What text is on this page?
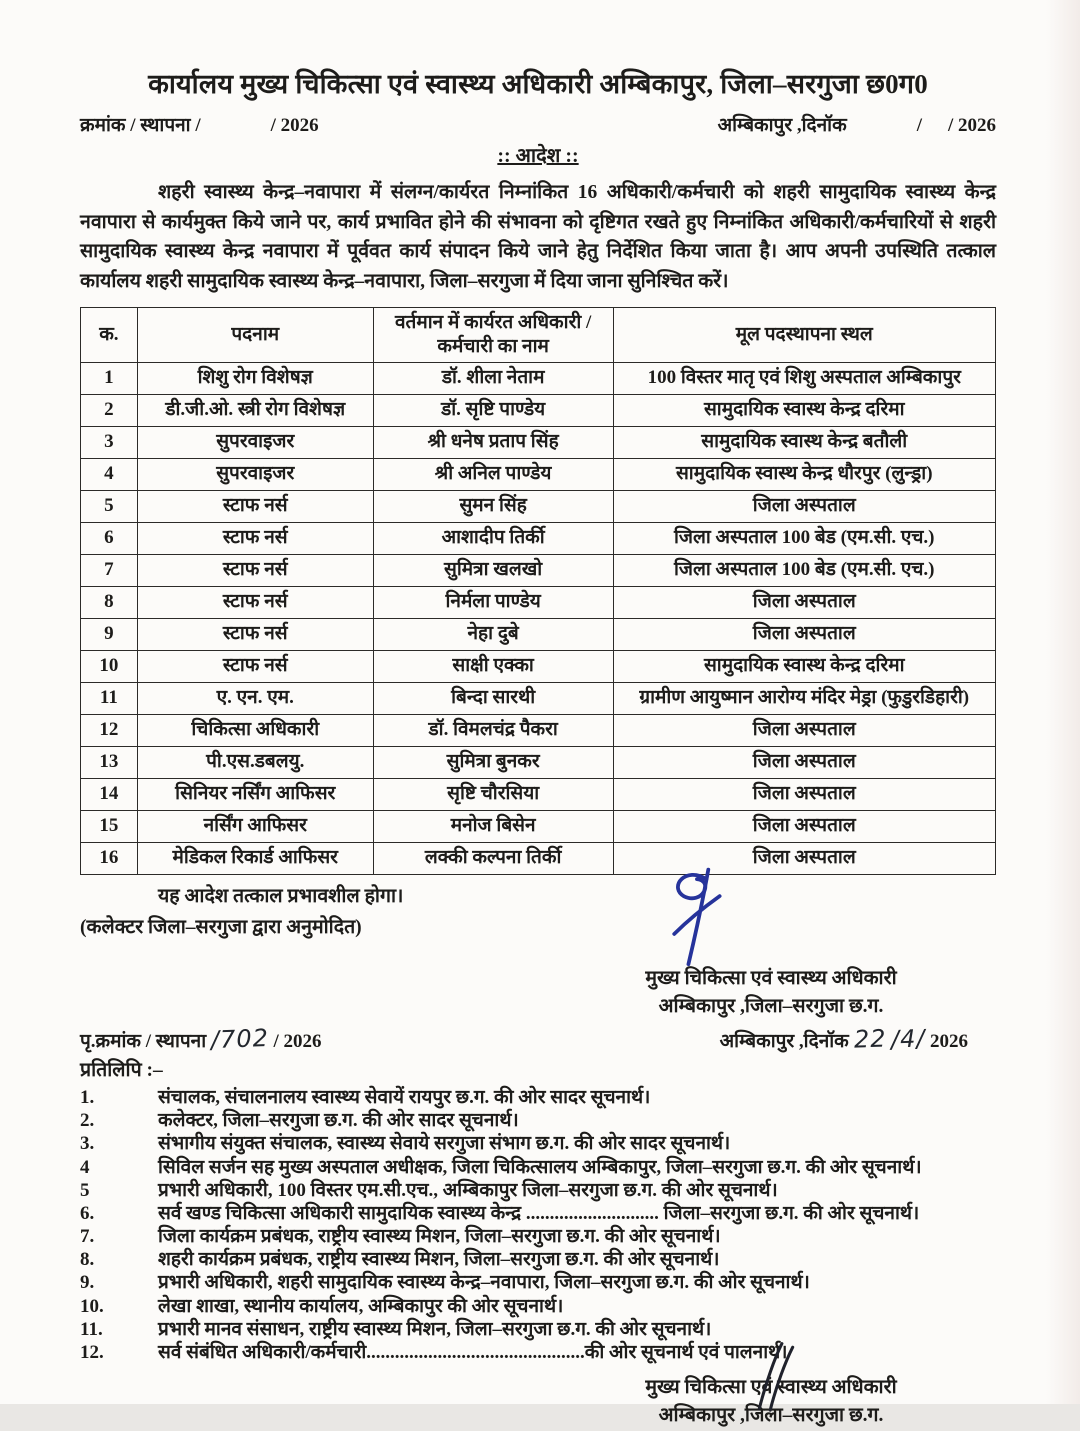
कार्यालय मुख्य चिकित्सा एवं स्वास्थ्य अधिकारी अम्बिकापुर, जिला–सरगुजा छ0ग0
क्रमांक / स्थापना /	/ 2026	अम्बिकापुर ,दिनॉक	/ / 2026
:: आदेश ::

शहरी स्वास्थ्य केन्द्र–नवापारा में संलग्न/कार्यरत निम्नांकित 16 अधिकारी/कर्मचारी को शहरी सामुदायिक स्वास्थ्य केन्द्र नवापारा से कार्यमुक्त किये जाने पर, कार्य प्रभावित होने की संभावना को दृष्टिगत रखते हुए निम्नांकित अधिकारी/कर्मचारियों से शहरी सामुदायिक स्वास्थ्य केन्द्र नवापारा में पूर्ववत कार्य संपादन किये जाने हेतु निर्देशित किया जाता है। आप अपनी उपस्थिति तत्काल कार्यालय शहरी सामुदायिक स्वास्थ्य केन्द्र–नवापारा, जिला–सरगुजा में दिया जाना सुनिश्चित करें।

क.	पदनाम	वर्तमान में कार्यरत अधिकारी /कर्मचारी का नाम	मूल पदस्थापना स्थल
1	शिशु रोग विशेषज्ञ	डॉ. शीला नेताम	100 विस्तर मातृ एवं शिशु अस्पताल अम्बिकापुर
2	डी.जी.ओ. स्त्री रोग विशेषज्ञ	डॉ. सृष्टि पाण्डेय	सामुदायिक स्वास्थ केन्द्र दरिमा
3	सुपरवाइजर	श्री धनेष प्रताप सिंह	सामुदायिक स्वास्थ केन्द्र बतौली
4	सुपरवाइजर	श्री अनिल पाण्डेय	सामुदायिक स्वास्थ केन्द्र धौरपुर (लुन्ड्रा)
5	स्टाफ नर्स	सुमन सिंह	जिला अस्पताल
6	स्टाफ नर्स	आशादीप तिर्की	जिला अस्पताल 100 बेड (एम.सी. एच.)
7	स्टाफ नर्स	सुमित्रा खलखो	जिला अस्पताल 100 बेड (एम.सी. एच.)
8	स्टाफ नर्स	निर्मला पाण्डेय	जिला अस्पताल
9	स्टाफ नर्स	नेहा दुबे	जिला अस्पताल
10	स्टाफ नर्स	साक्षी एक्का	सामुदायिक स्वास्थ केन्द्र दरिमा
11	ए. एन. एम.	बिन्दा सारथी	ग्रामीण आयुष्मान आरोग्य मंदिर मेड्रा (फुडुरडिहारी)
12	चिकित्सा अधिकारी	डॉ. विमलचंद्र पैकरा	जिला अस्पताल
13	पी.एस.डबलयु.	सुमित्रा बुनकर	जिला अस्पताल
14	सिनियर नर्सिंग आफिसर	सृष्टि चौरसिया	जिला अस्पताल
15	नर्सिंग आफिसर	मनोज बिसेन	जिला अस्पताल
16	मेडिकल रिकार्ड आफिसर	लक्की कल्पना तिर्की	जिला अस्पताल
यह आदेश तत्काल प्रभावशील होगा।
(कलेक्टर जिला–सरगुजा द्वारा अनुमोदित)
मुख्य चिकित्सा एवं स्वास्थ्य अधिकारी
अम्बिकापुर ,जिला–सरगुजा छ.ग.
पृ.क्रमांक / स्थापना /702 / 2026	अम्बिकापुर ,दिनॉक 22 /4/ 2026
प्रतिलिपि :–
1.	संचालक, संचालनालय स्वास्थ्य सेवायें रायपुर छ.ग. की ओर सादर सूचनार्थ।
2.	कलेक्टर, जिला–सरगुजा छ.ग. की ओर सादर सूचनार्थ।
3.	संभागीय संयुक्त संचालक, स्वास्थ्य सेवाये सरगुजा संभाग छ.ग. की ओर सादर सूचनार्थ।
4	सिविल सर्जन सह मुख्य अस्पताल अधीक्षक, जिला चिकित्सालय अम्बिकापुर, जिला–सरगुजा छ.ग. की ओर सूचनार्थ।
5	प्रभारी अधिकारी, 100 विस्तर एम.सी.एच., अम्बिकापुर जिला–सरगुजा छ.ग. की ओर सूचनार्थ।
6.	सर्व खण्ड चिकित्सा अधिकारी सामुदायिक स्वास्थ्य केन्द्र ............................ जिला–सरगुजा छ.ग. की ओर सूचनार्थ।
7.	जिला कार्यक्रम प्रबंधक, राष्ट्रीय स्वास्थ्य मिशन, जिला–सरगुजा छ.ग. की ओर सूचनार्थ।
8.	शहरी कार्यक्रम प्रबंधक, राष्ट्रीय स्वास्थ्य मिशन, जिला–सरगुजा छ.ग. की ओर सूचनार्थ।
9.	प्रभारी अधिकारी, शहरी सामुदायिक स्वास्थ्य केन्द्र–नवापारा, जिला–सरगुजा छ.ग. की ओर सूचनार्थ।
10.	लेखा शाखा, स्थानीय कार्यालय, अम्बिकापुर की ओर सूचनार्थ।
11.	प्रभारी मानव संसाधन, राष्ट्रीय स्वास्थ्य मिशन, जिला–सरगुजा छ.ग. की ओर सूचनार्थ।
12.	सर्व संबंधित अधिकारी/कर्मचारी..............................................की ओर सूचनार्थ एवं पालनार्थ।
मुख्य चिकित्सा एवं स्वास्थ्य अधिकारी
अम्बिकापुर ,जिला–सरगुजा छ.ग.
